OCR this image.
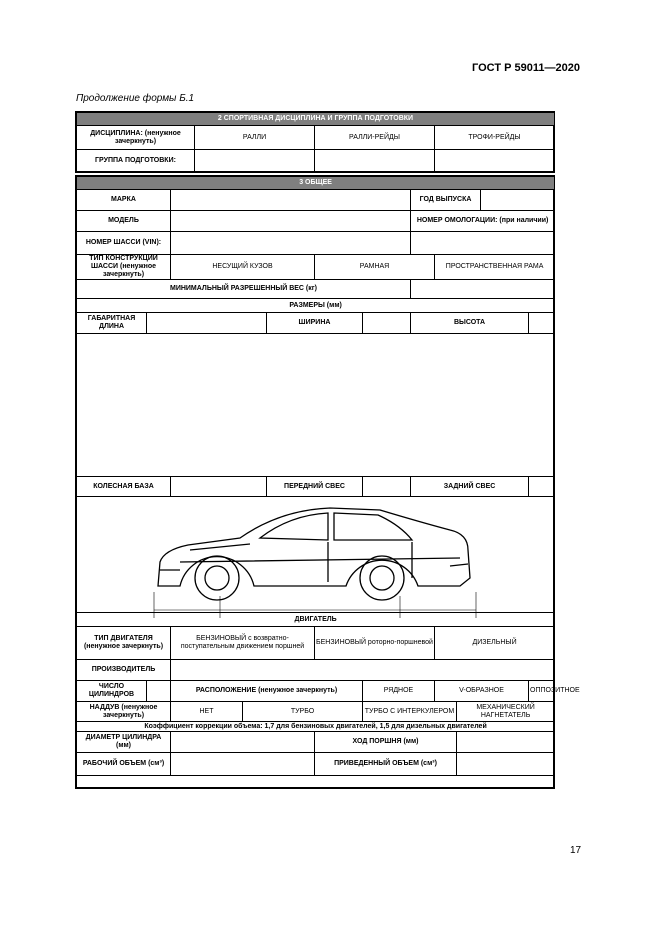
ГОСТ Р 59011—2020
Продолжение формы Б.1
2 СПОРТИВНАЯ ДИСЦИПЛИНА И ГРУППА ПОДГОТОВКИ			
ДИСЦИПЛИНА: (ненужное зачеркнуть)	РАЛЛИ	РАЛЛИ-РЕЙДЫ	ТРОФИ-РЕЙДЫ
ГРУППА ПОДГОТОВКИ:			
3 ОБЩЕЕ											
МАРКА							ГОД ВЫПУСКА				
МОДЕЛЬ							НОМЕР ОМОЛОГАЦИИ: (при наличии)				
НОМЕР ШАССИ (VIN):											
ТИП КОНСТРУКЦИИ ШАССИ (ненужное зачеркнуть)		НЕСУЩИЙ КУЗОВ			РАМНАЯ			ПРОСТРАНСТВЕННАЯ РАМА			
МИНИМАЛЬНЫЙ РАЗРЕШЕННЫЙ ВЕС (кг)											
РАЗМЕРЫ (мм)											
ГАБАРИТНАЯ ДЛИНА				ШИРИНА			ВЫСОТА				

КОЛЕСНАЯ БАЗА				ПЕРЕДНИЙ СВЕС			ЗАДНИЙ СВЕС				

ДВИГАТЕЛЬ											
ТИП ДВИГАТЕЛЯ (ненужное зачеркнуть)		БЕНЗИНОВЫЙ с возвратно-поступательным движением поршней			БЕНЗИНОВЫЙ роторно-поршневой			ДИЗЕЛЬНЫЙ			
ПРОИЗВОДИТЕЛЬ											
ЧИСЛО ЦИЛИНДРОВ		РАСПОЛОЖЕНИЕ (ненужное зачеркнуть)				РЯДНОЕ		V-ОБРАЗНОЕ			ОППОЗИТНОЕ
НАДДУВ (ненужное зачеркнуть)		НЕТ	ТУРБО			ТУРБО С ИНТЕРКУЛЕРОМ			МЕХАНИЧЕСКИЙ НАГНЕТАТЕЛЬ		
Коэффициент коррекции объема: 1,7 для бензиновых двигателей, 1,5 для дизельных двигателей											
ДИАМЕТР ЦИЛИНДРА (мм)					ХОД ПОРШНЯ (мм)						
РАБОЧИЙ ОБЪЕМ (см³)					ПРИВЕДЕННЫЙ ОБЪЕМ (см³)						
17
